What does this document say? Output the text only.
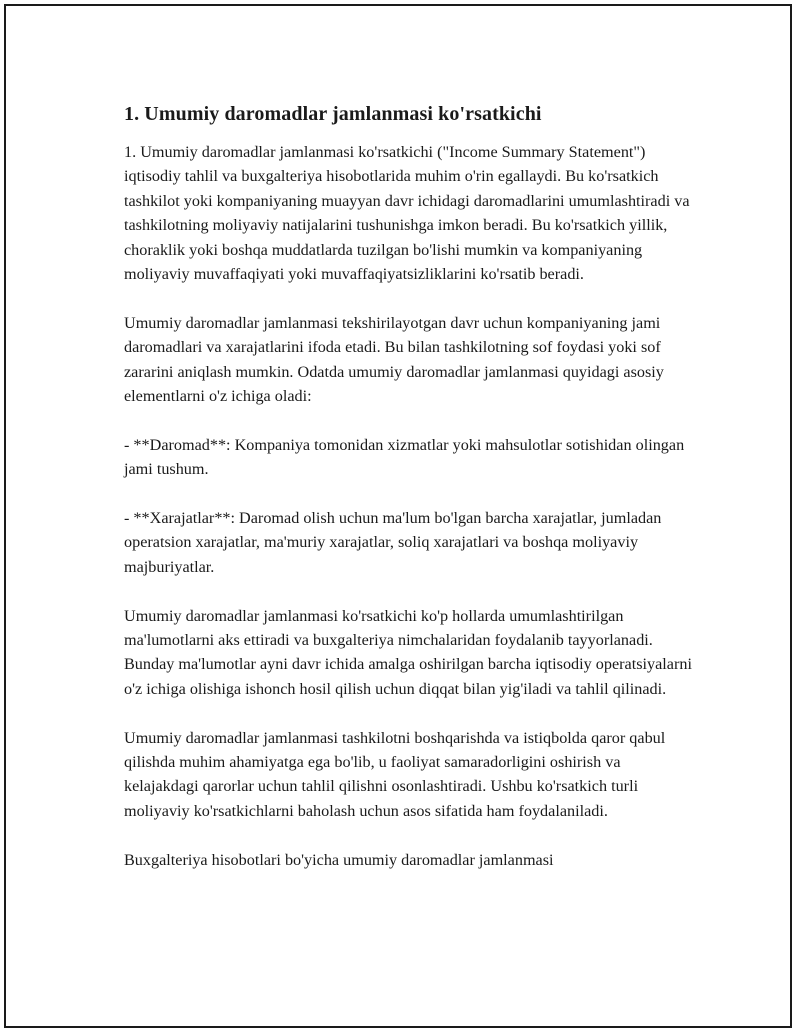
1. Umumiy daromadlar jamlanmasi ko'rsatkichi

1. Umumiy daromadlar jamlanmasi ko'rsatkichi ("Income Summary Statement") iqtisodiy tahlil va buxgalteriya hisobotlarida muhim o'rin egallaydi. Bu ko'rsatkich tashkilot yoki kompaniyaning muayyan davr ichidagi daromadlarini umumlashtiradi va tashkilotning moliyaviy natijalarini tushunishga imkon beradi. Bu ko'rsatkich yillik, choraklik yoki boshqa muddatlarda tuzilgan bo'lishi mumkin va kompaniyaning moliyaviy muvaffaqiyati yoki muvaffaqiyatsizliklarini ko'rsatib beradi.

Umumiy daromadlar jamlanmasi tekshirilayotgan davr uchun kompaniyaning jami daromadlari va xarajatlarini ifoda etadi. Bu bilan tashkilotning sof foydasi yoki sof zararini aniqlash mumkin. Odatda umumiy daromadlar jamlanmasi quyidagi asosiy elementlarni o'z ichiga oladi:

- **Daromad**: Kompaniya tomonidan xizmatlar yoki mahsulotlar sotishidan olingan jami tushum.

- **Xarajatlar**: Daromad olish uchun ma'lum bo'lgan barcha xarajatlar, jumladan operatsion xarajatlar, ma'muriy xarajatlar, soliq xarajatlari va boshqa moliyaviy majburiyatlar.

Umumiy daromadlar jamlanmasi ko'rsatkichi ko'p hollarda umumlashtirilgan ma'lumotlarni aks ettiradi va buxgalteriya nimchalaridan foydalanib tayyorlanadi. Bunday ma'lumotlar ayni davr ichida amalga oshirilgan barcha iqtisodiy operatsiyalarni o'z ichiga olishiga ishonch hosil qilish uchun diqqat bilan yig'iladi va tahlil qilinadi.

Umumiy daromadlar jamlanmasi tashkilotni boshqarishda va istiqbolda qaror qabul qilishda muhim ahamiyatga ega bo'lib, u faoliyat samaradorligini oshirish va kelajakdagi qarorlar uchun tahlil qilishni osonlashtiradi. Ushbu ko'rsatkich turli moliyaviy ko'rsatkichlarni baholash uchun asos sifatida ham foydalaniladi.

Buxgalteriya hisobotlari bo'yicha umumiy daromadlar jamlanmasi
